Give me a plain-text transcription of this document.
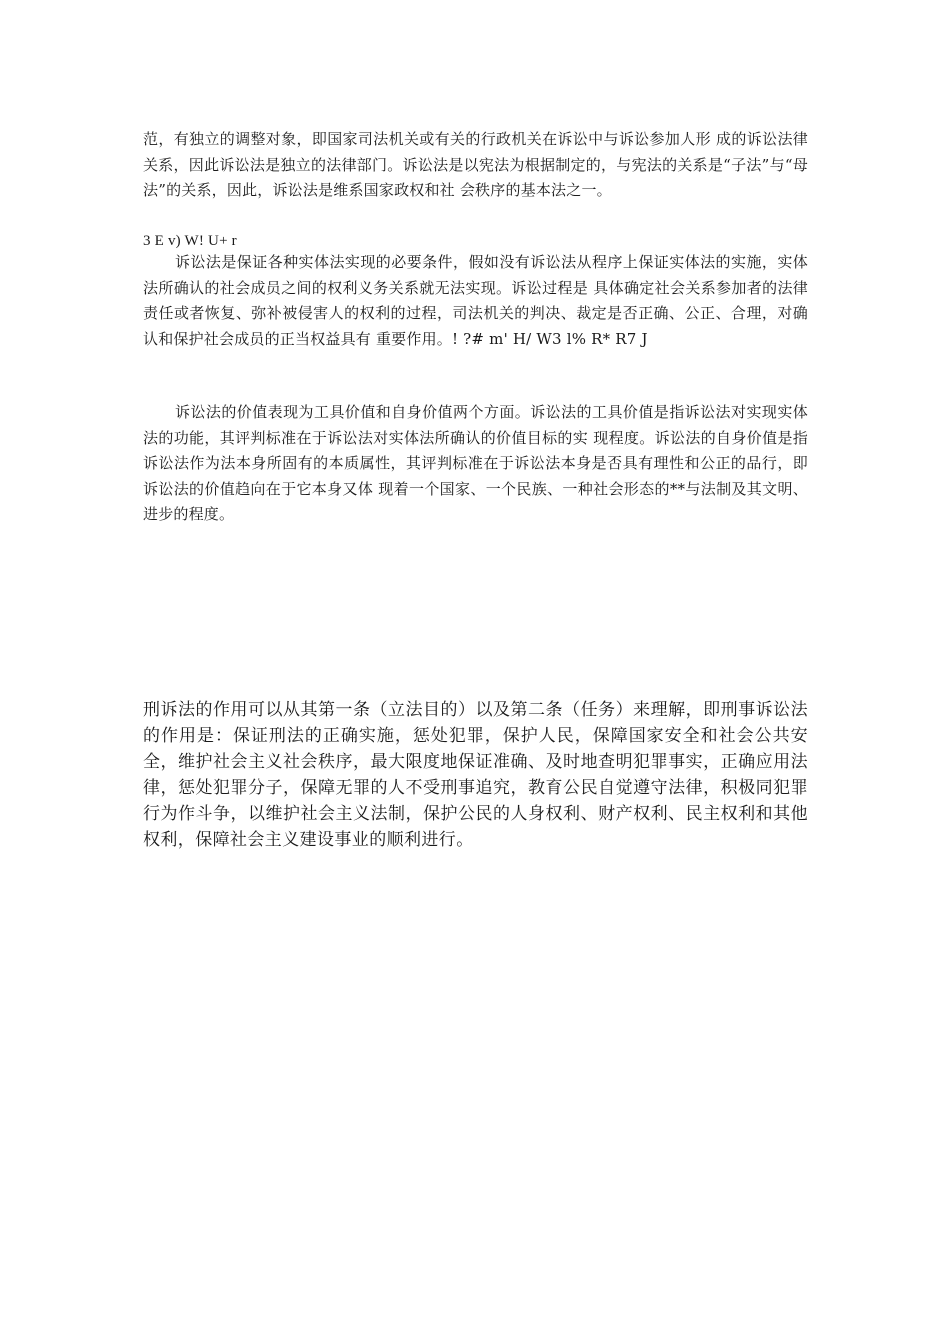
范，有独立的调整对象，即国家司法机关或有关的行政机关在诉讼中与诉讼参加人形 成的诉讼法律关系，因此诉讼法是独立的法律部门。诉讼法是以宪法为根据制定的，与宪法的关系是“子法”与“母法”的关系，因此，诉讼法是维系国家政权和社 会秩序的基本法之一。

3 E v) W! U+ r

诉讼法是保证各种实体法实现的必要条件，假如没有诉讼法从程序上保证实体法的实施，实体法所确认的社会成员之间的权利义务关系就无法实现。诉讼过程是 具体确定社会关系参加者的法律责任或者恢复、弥补被侵害人的权利的过程，司法机关的判决、裁定是否正确、公正、合理，对确认和保护社会成员的正当权益具有 重要作用。! ?# m' H/ W3 l% R* R7 J

诉讼法的价值表现为工具价值和自身价值两个方面。诉讼法的工具价值是指诉讼法对实现实体法的功能，其评判标准在于诉讼法对实体法所确认的价值目标的实 现程度。诉讼法的自身价值是指诉讼法作为法本身所固有的本质属性，其评判标准在于诉讼法本身是否具有理性和公正的品行，即诉讼法的价值趋向在于它本身又体 现着一个国家、一个民族、一种社会形态的**与法制及其文明、进步的程度。

刑诉法的作用可以从其第一条（立法目的）以及第二条（任务）来理解，即刑事诉讼法的作用是：保证刑法的正确实施，惩处犯罪，保护人民，保障国家安全和社会公共安全，维护社会主义社会秩序，最大限度地保证准确、及时地查明犯罪事实，正确应用法律，惩处犯罪分子，保障无罪的人不受刑事追究，教育公民自觉遵守法律，积极同犯罪行为作斗争，以维护社会主义法制，保护公民的人身权利、财产权利、民主权利和其他权利，保障社会主义建设事业的顺利进行。
